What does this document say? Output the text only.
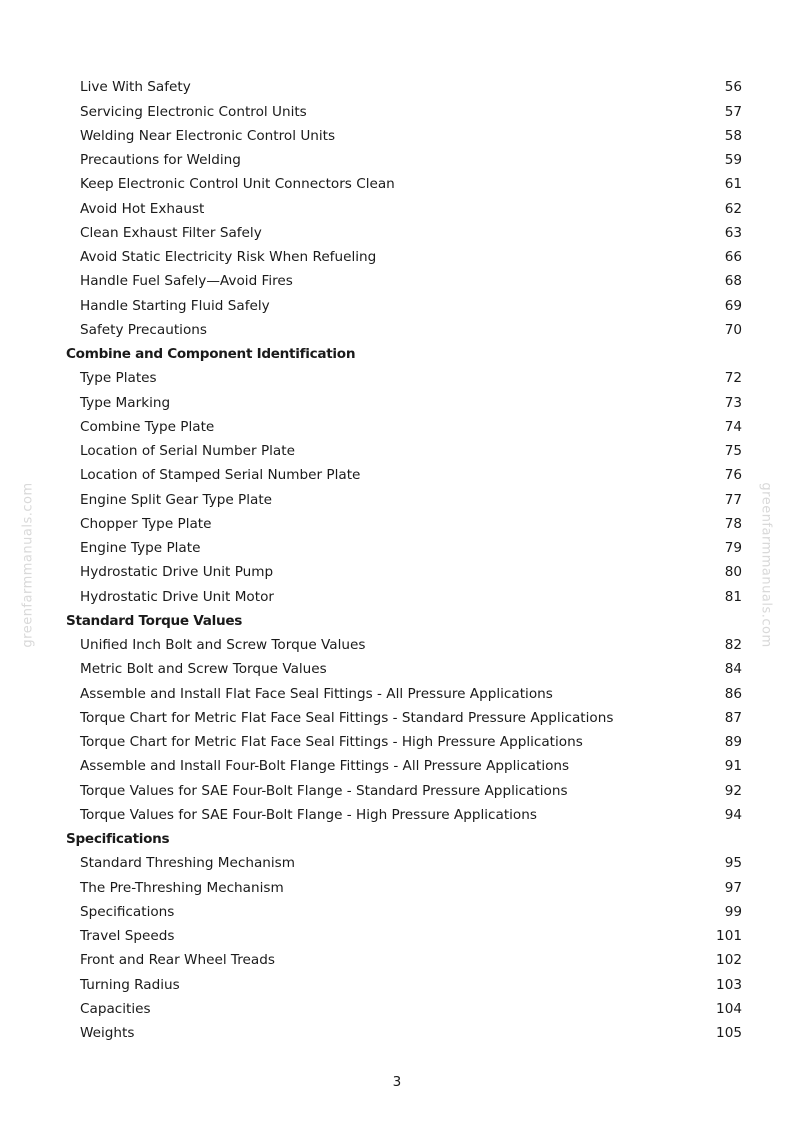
Live With Safety	56
Servicing Electronic Control Units	57
Welding Near Electronic Control Units	58
Precautions for Welding	59
Keep Electronic Control Unit Connectors Clean	61
Avoid Hot Exhaust	62
Clean Exhaust Filter Safely	63
Avoid Static Electricity Risk When Refueling	66
Handle Fuel Safely—Avoid Fires	68
Handle Starting Fluid Safely	69
Safety Precautions	70
Combine and Component Identification
Type Plates	72
Type Marking	73
Combine Type Plate	74
Location of Serial Number Plate	75
Location of Stamped Serial Number Plate	76
Engine Split Gear Type Plate	77
Chopper Type Plate	78
Engine Type Plate	79
Hydrostatic Drive Unit Pump	80
Hydrostatic Drive Unit Motor	81
Standard Torque Values
Unified Inch Bolt and Screw Torque Values	82
Metric Bolt and Screw Torque Values	84
Assemble and Install Flat Face Seal Fittings - All Pressure Applications	86
Torque Chart for Metric Flat Face Seal Fittings - Standard Pressure Applications	87
Torque Chart for Metric Flat Face Seal Fittings - High Pressure Applications	89
Assemble and Install Four-Bolt Flange Fittings - All Pressure Applications	91
Torque Values for SAE Four-Bolt Flange - Standard Pressure Applications	92
Torque Values for SAE Four-Bolt Flange - High Pressure Applications	94
Specifications
Standard Threshing Mechanism	95
The Pre-Threshing Mechanism	97
Specifications	99
Travel Speeds	101
Front and Rear Wheel Treads	102
Turning Radius	103
Capacities	104
Weights	105
3
greenfarmmanuals.com	greenfarmmanuals.com
